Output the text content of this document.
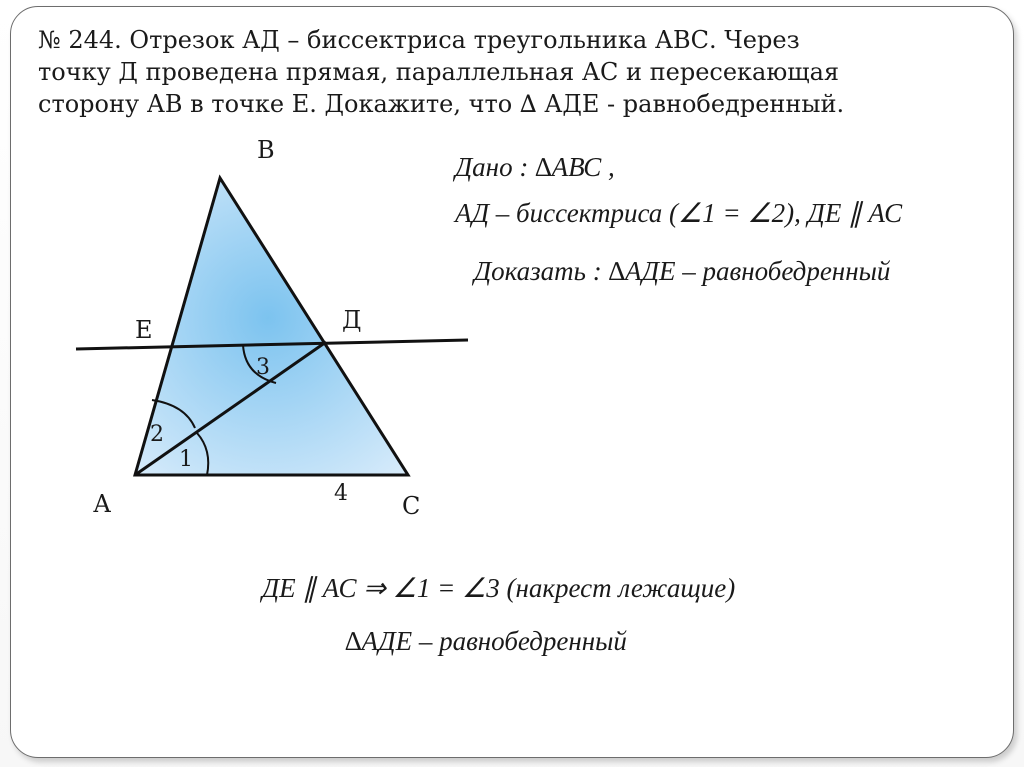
№ 244. Отрезок АД – биссектриса треугольника АВС. Через
точку Д проведена прямая, параллельная АС и пересекающая
сторону АВ в точке Е. Докажите, что ∆ АДЕ - равнобедренный.

В
Е	Д
А	С
3
2
1
4

Дано : ∆АВС ,

АД – биссектриса (∠1 = ∠2), ДЕ ∥ АС

Доказать : ∆АДЕ – равнобедренный

ДЕ ∥ АС ⇒ ∠1 = ∠3 (накрест лежащие)

∆АДЕ – равнобедренный
